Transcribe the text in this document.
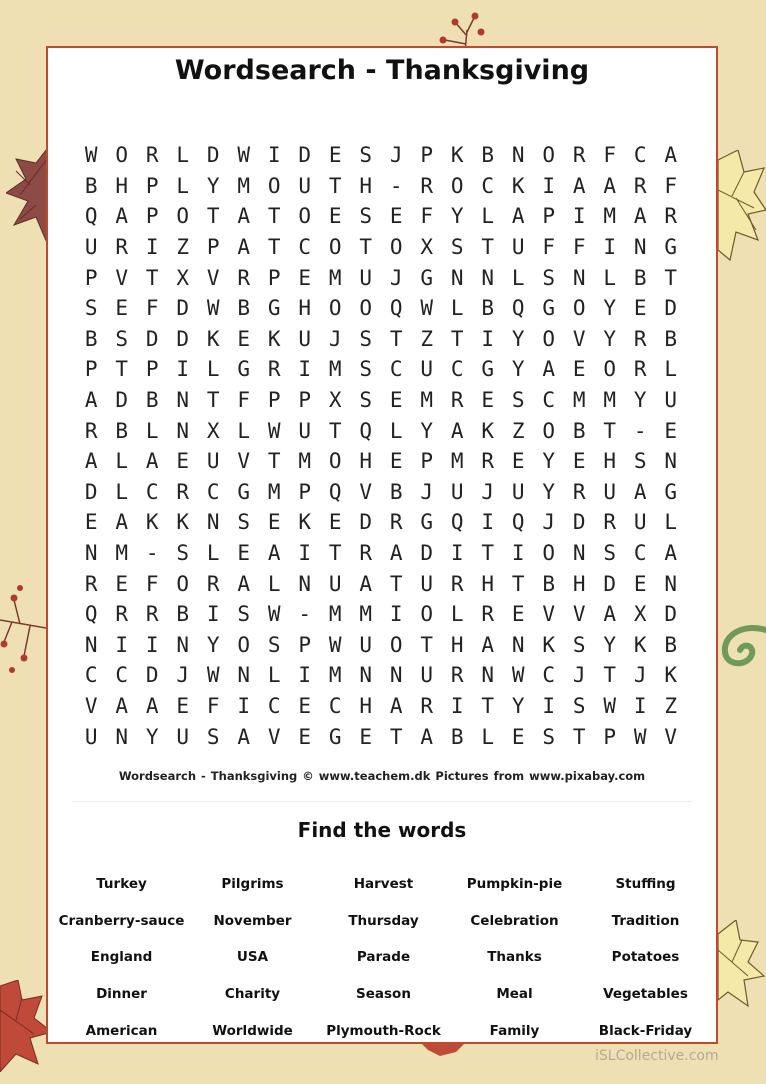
Wordsearch - Thanksgiving
W O R L D W I D E S J P K B N O R F C A
B H P L Y M O U T H - R O C K I A A R F
Q A P O T A T O E S E F Y L A P I M A R
U R I Z P A T C O T O X S T U F F I N G
P V T X V R P E M U J G N N L S N L B T
S E F D W B G H O O Q W L B Q G O Y E D
B S D D K E K U J S T Z T I Y O V Y R B
P T P I L G R I M S C U C G Y A E O R L
A D B N T F P P X S E M R E S C M M Y U
R B L N X L W U T Q L Y A K Z O B T - E
A L A E U V T M O H E P M R E Y E H S N
D L C R C G M P Q V B J U J U Y R U A G
E A K K N S E K E D R G Q I Q J D R U L
N M - S L E A I T R A D I T I O N S C A
R E F O R A L N U A T U R H T B H D E N
Q R R B I S W - M M I O L R E V V A X D
N I I N Y O S P W U O T H A N K S Y K B
C C D J W N L I M N N U R N W C J T J K
V A A E F I C E C H A R I T Y I S W I Z
U N Y U S A V E G E T A B L E S T P W V
Wordsearch - Thanksgiving © www.teachem.dk Pictures from www.pixabay.com
Find the words
Turkey	Pilgrims	Harvest	Pumpkin-pie	Stuffing
Cranberry-sauce	November	Thursday	Celebration	Tradition
England	USA	Parade	Thanks	Potatoes
Dinner	Charity	Season	Meal	Vegetables
American	Worldwide	Plymouth-Rock	Family	Black-Friday
iSLCollective.com
